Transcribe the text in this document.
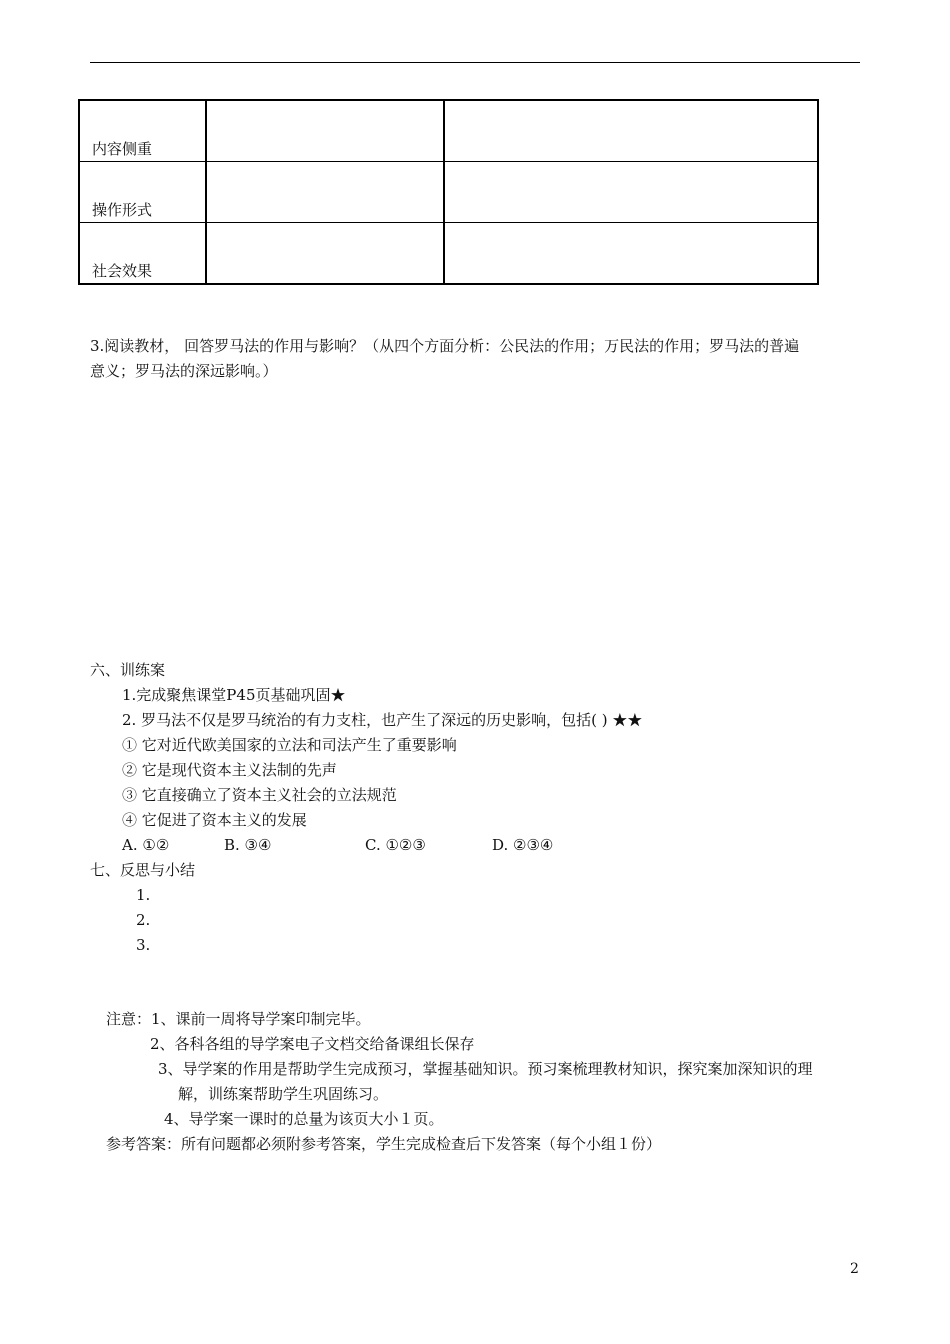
内容侧重		
操作形式		
社会效果		
3.阅读教材， 回答罗马法的作用与影响？（从四个方面分析：公民法的作用；万民法的作用；罗马法的普遍
意义；罗马法的深远影响。）
六、训练案
1.完成聚焦课堂P45页基础巩固★
2. 罗马法不仅是罗马统治的有力支柱，也产生了深远的历史影响，包括( ) ★★
① 它对近代欧美国家的立法和司法产生了重要影响
② 它是现代资本主义法制的先声
③ 它直接确立了资本主义社会的立法规范
④ 它促进了资本主义的发展
A. ①②	B. ③④	C. ①②③	D. ②③④
七、反思与小结
1.
2.
3.
注意：1、课前一周将导学案印制完毕。
2、各科各组的导学案电子文档交给备课组长保存
3、导学案的作用是帮助学生完成预习，掌握基础知识。预习案梳理教材知识，探究案加深知识的理
解，训练案帮助学生巩固练习。
4、导学案一课时的总量为该页大小１页。
参考答案：所有问题都必须附参考答案，学生完成检查后下发答案（每个小组１份）
2
